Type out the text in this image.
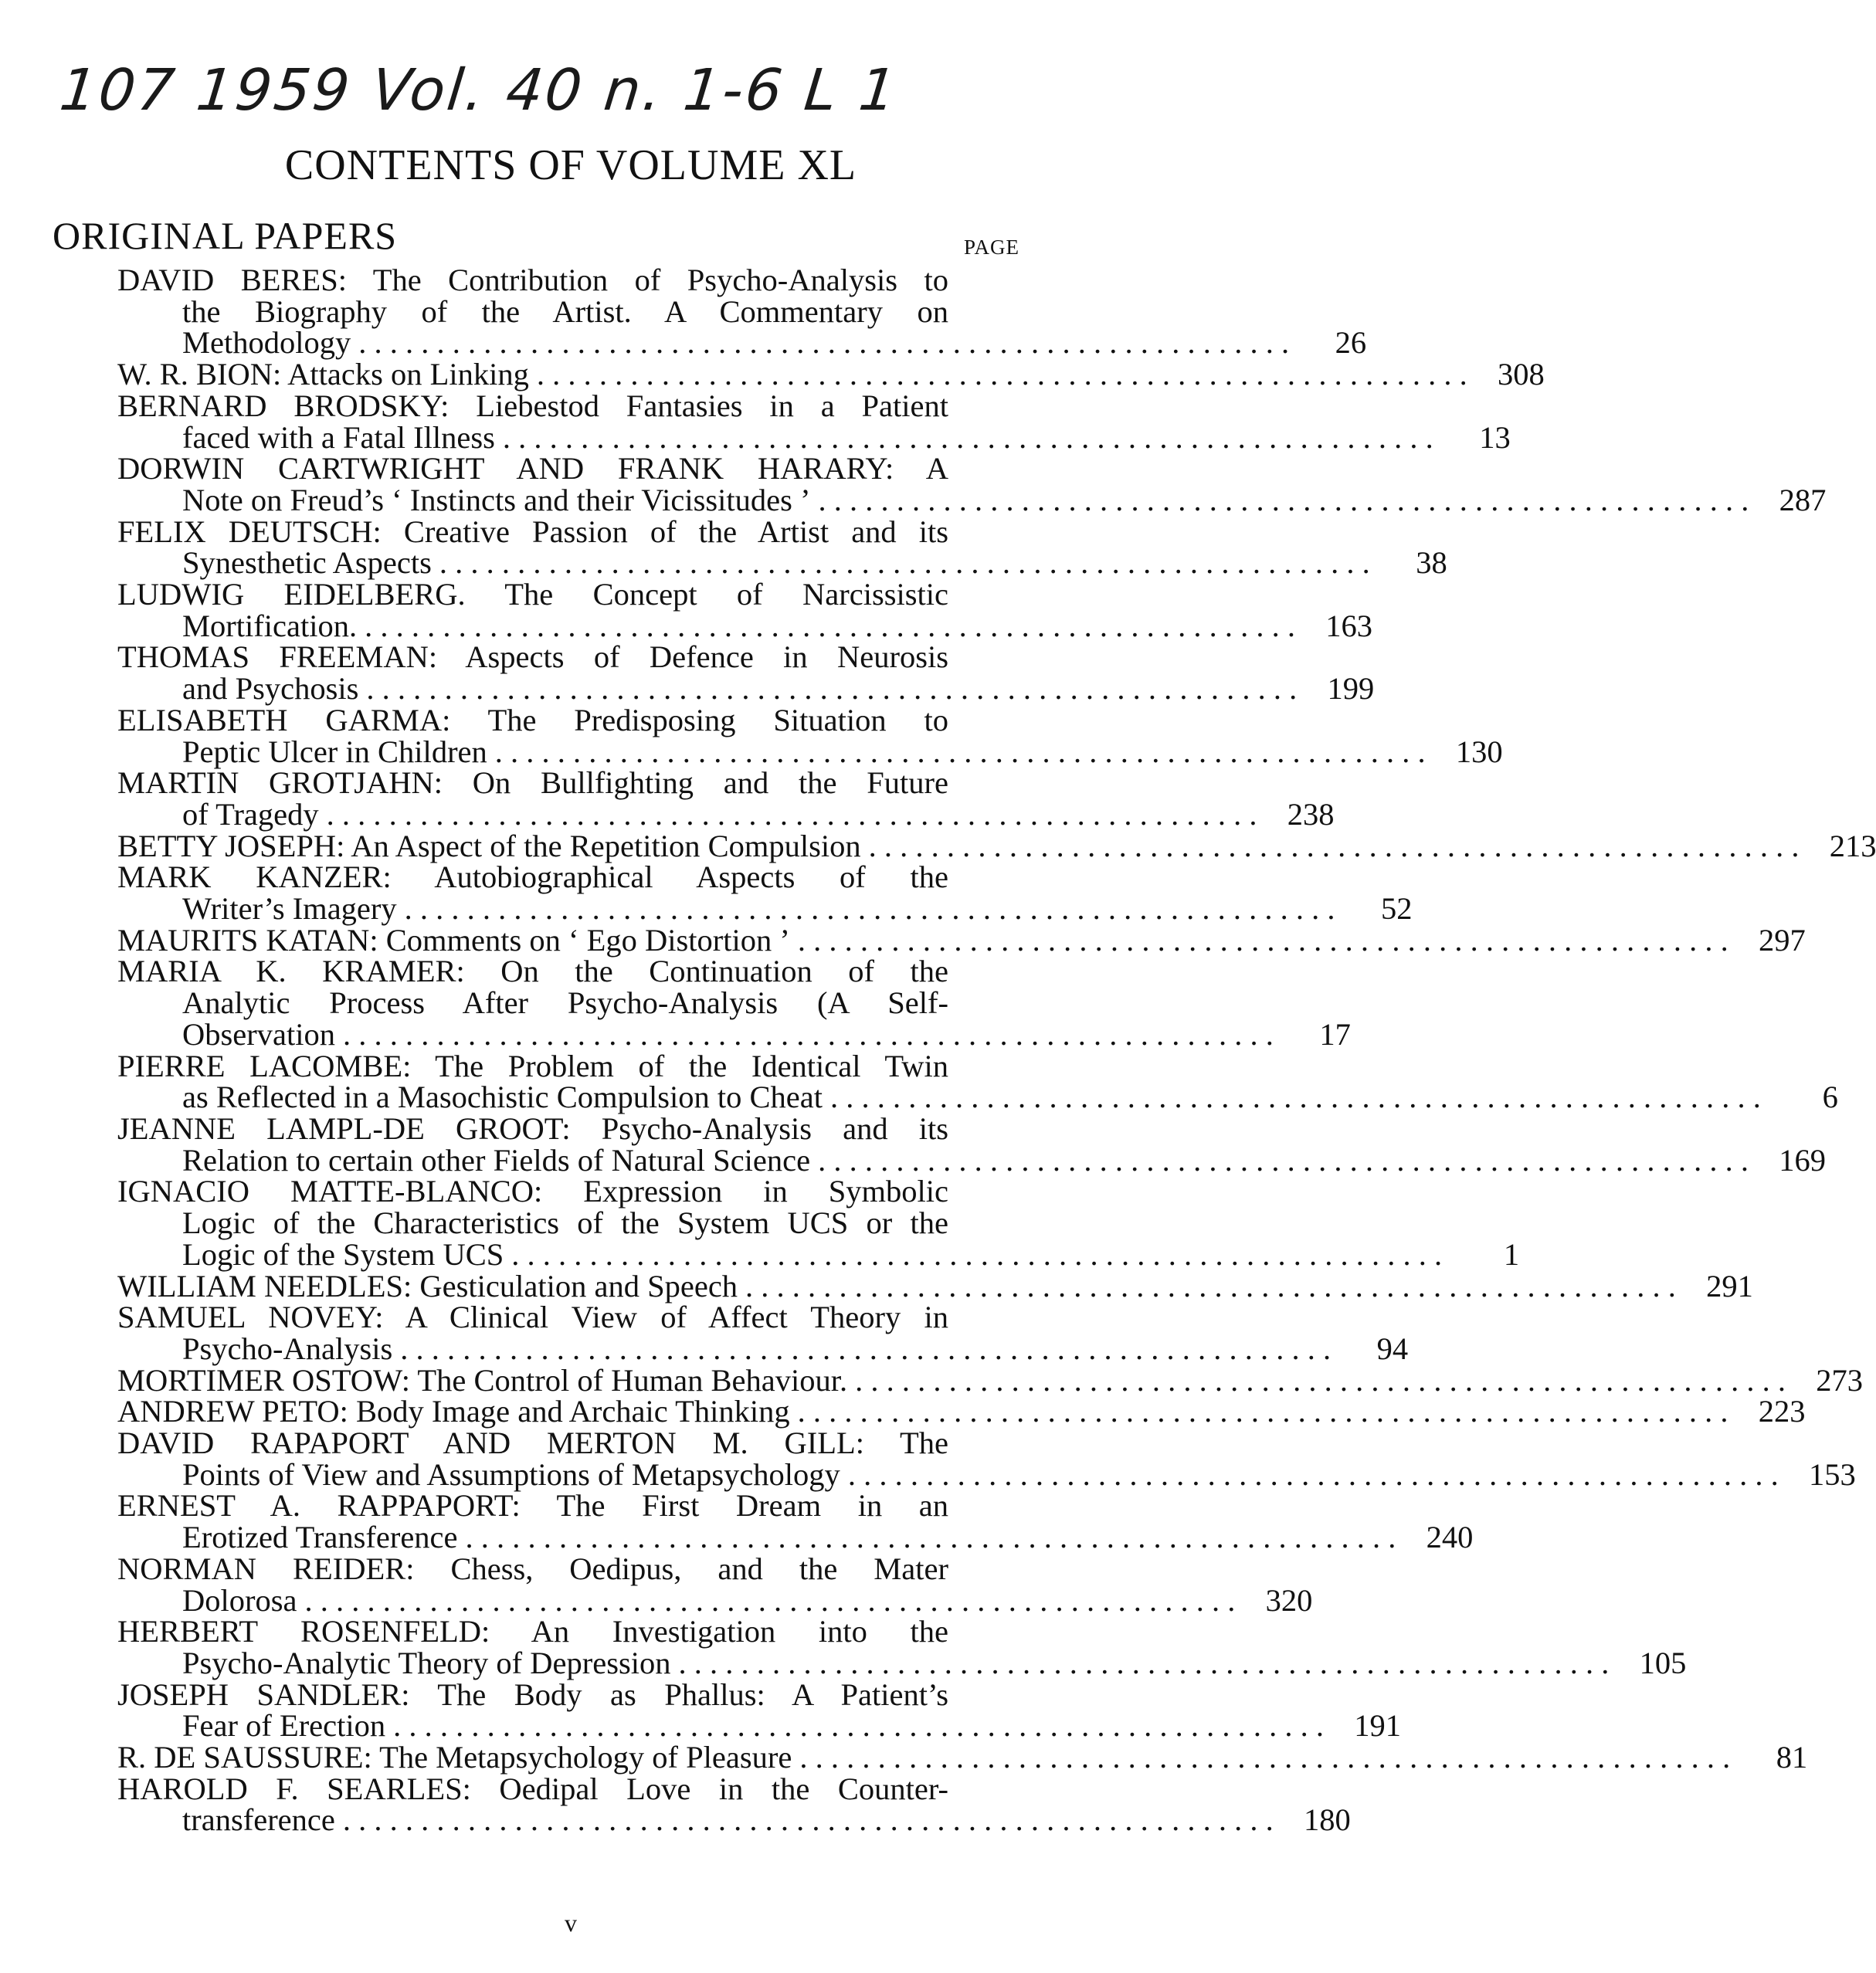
107 1959 Vol. 40 n. 1-6 L 1
CONTENTS OF VOLUME XL
ORIGINAL PAPERS	PAGE
DAVID BERES: The Contribution of Psycho-Analysis to
the Biography of the Artist. A Commentary on
Methodology . . . . . . . . . . . . . . . . . . . . . . . . . . . . . . . . . . . . . . . . . . . . . . . . . . . . . . . . . . . .	26
W. R. BION: Attacks on Linking . . . . . . . . . . . . . . . . . . . . . . . . . . . . . . . . . . . . . . . . . . . . . . . . . . . . . . . . . . . . 308
BERNARD BRODSKY: Liebestod Fantasies in a Patient
faced with a Fatal Illness . . . . . . . . . . . . . . . . . . . . . . . . . . . . . . . . . . . . . . . . . . . . . . . . . . . . . . . . . . . .	13
DORWIN CARTWRIGHT AND FRANK HARARY: A
Note on Freud’s ‘ Instincts and their Vicissitudes ’ . . . . . . . . . . . . . . . . . . . . . . . . . . . . . . . . . . . . . . . . . . . . . . . . . . . . . . . . . . . . 287
FELIX DEUTSCH: Creative Passion of the Artist and its
Synesthetic Aspects . . . . . . . . . . . . . . . . . . . . . . . . . . . . . . . . . . . . . . . . . . . . . . . . . . . . . . . . . . . .	38
LUDWIG EIDELBERG. The Concept of Narcissistic
Mortification. . . . . . . . . . . . . . . . . . . . . . . . . . . . . . . . . . . . . . . . . . . . . . . . . . . . . . . . . . . . . 163
THOMAS FREEMAN: Aspects of Defence in Neurosis
and Psychosis . . . . . . . . . . . . . . . . . . . . . . . . . . . . . . . . . . . . . . . . . . . . . . . . . . . . . . . . . . . . 199
ELISABETH GARMA: The Predisposing Situation to
Peptic Ulcer in Children . . . . . . . . . . . . . . . . . . . . . . . . . . . . . . . . . . . . . . . . . . . . . . . . . . . . . . . . . . . . 130
MARTIN GROTJAHN: On Bullfighting and the Future
of Tragedy . . . . . . . . . . . . . . . . . . . . . . . . . . . . . . . . . . . . . . . . . . . . . . . . . . . . . . . . . . . . 238
BETTY JOSEPH: An Aspect of the Repetition Compulsion . . . . . . . . . . . . . . . . . . . . . . . . . . . . . . . . . . . . . . . . . . . . . . . . . . . . . . . . . . . . 213
MARK KANZER: Autobiographical Aspects of the
Writer’s Imagery . . . . . . . . . . . . . . . . . . . . . . . . . . . . . . . . . . . . . . . . . . . . . . . . . . . . . . . . . . . .	52
MAURITS KATAN: Comments on ‘ Ego Distortion ’ . . . . . . . . . . . . . . . . . . . . . . . . . . . . . . . . . . . . . . . . . . . . . . . . . . . . . . . . . . . . 297
MARIA K. KRAMER: On the Continuation of the
Analytic Process After Psycho-Analysis (A Self-
Observation . . . . . . . . . . . . . . . . . . . . . . . . . . . . . . . . . . . . . . . . . . . . . . . . . . . . . . . . . . . .	17
PIERRE LACOMBE: The Problem of the Identical Twin
as Reflected in a Masochistic Compulsion to Cheat . . . . . . . . . . . . . . . . . . . . . . . . . . . . . . . . . . . . . . . . . . . . . . . . . . . . . . . . . . . .	6
JEANNE LAMPL-DE GROOT: Psycho-Analysis and its
Relation to certain other Fields of Natural Science . . . . . . . . . . . . . . . . . . . . . . . . . . . . . . . . . . . . . . . . . . . . . . . . . . . . . . . . . . . . 169
IGNACIO MATTE-BLANCO: Expression in Symbolic
Logic of the Characteristics of the System UCS or the
Logic of the System UCS . . . . . . . . . . . . . . . . . . . . . . . . . . . . . . . . . . . . . . . . . . . . . . . . . . . . . . . . . . . .	1
WILLIAM NEEDLES: Gesticulation and Speech . . . . . . . . . . . . . . . . . . . . . . . . . . . . . . . . . . . . . . . . . . . . . . . . . . . . . . . . . . . . 291
SAMUEL NOVEY: A Clinical View of Affect Theory in
Psycho-Analysis . . . . . . . . . . . . . . . . . . . . . . . . . . . . . . . . . . . . . . . . . . . . . . . . . . . . . . . . . . . .	94
MORTIMER OSTOW: The Control of Human Behaviour. . . . . . . . . . . . . . . . . . . . . . . . . . . . . . . . . . . . . . . . . . . . . . . . . . . . . . . . . . . . . 273
ANDREW PETO: Body Image and Archaic Thinking . . . . . . . . . . . . . . . . . . . . . . . . . . . . . . . . . . . . . . . . . . . . . . . . . . . . . . . . . . . . 223
DAVID RAPAPORT AND MERTON M. GILL: The
Points of View and Assumptions of Metapsychology . . . . . . . . . . . . . . . . . . . . . . . . . . . . . . . . . . . . . . . . . . . . . . . . . . . . . . . . . . . . 153
ERNEST A. RAPPAPORT: The First Dream in an
Erotized Transference . . . . . . . . . . . . . . . . . . . . . . . . . . . . . . . . . . . . . . . . . . . . . . . . . . . . . . . . . . . . 240
NORMAN REIDER: Chess, Oedipus, and the Mater
Dolorosa . . . . . . . . . . . . . . . . . . . . . . . . . . . . . . . . . . . . . . . . . . . . . . . . . . . . . . . . . . . . 320
HERBERT ROSENFELD: An Investigation into the
Psycho-Analytic Theory of Depression . . . . . . . . . . . . . . . . . . . . . . . . . . . . . . . . . . . . . . . . . . . . . . . . . . . . . . . . . . . . 105
JOSEPH SANDLER: The Body as Phallus: A Patient’s
Fear of Erection . . . . . . . . . . . . . . . . . . . . . . . . . . . . . . . . . . . . . . . . . . . . . . . . . . . . . . . . . . . . 191
R. DE SAUSSURE: The Metapsychology of Pleasure . . . . . . . . . . . . . . . . . . . . . . . . . . . . . . . . . . . . . . . . . . . . . . . . . . . . . . . . . . . .	81
HAROLD F. SEARLES: Oedipal Love in the Counter-
transference . . . . . . . . . . . . . . . . . . . . . . . . . . . . . . . . . . . . . . . . . . . . . . . . . . . . . . . . . . . . 180
v
